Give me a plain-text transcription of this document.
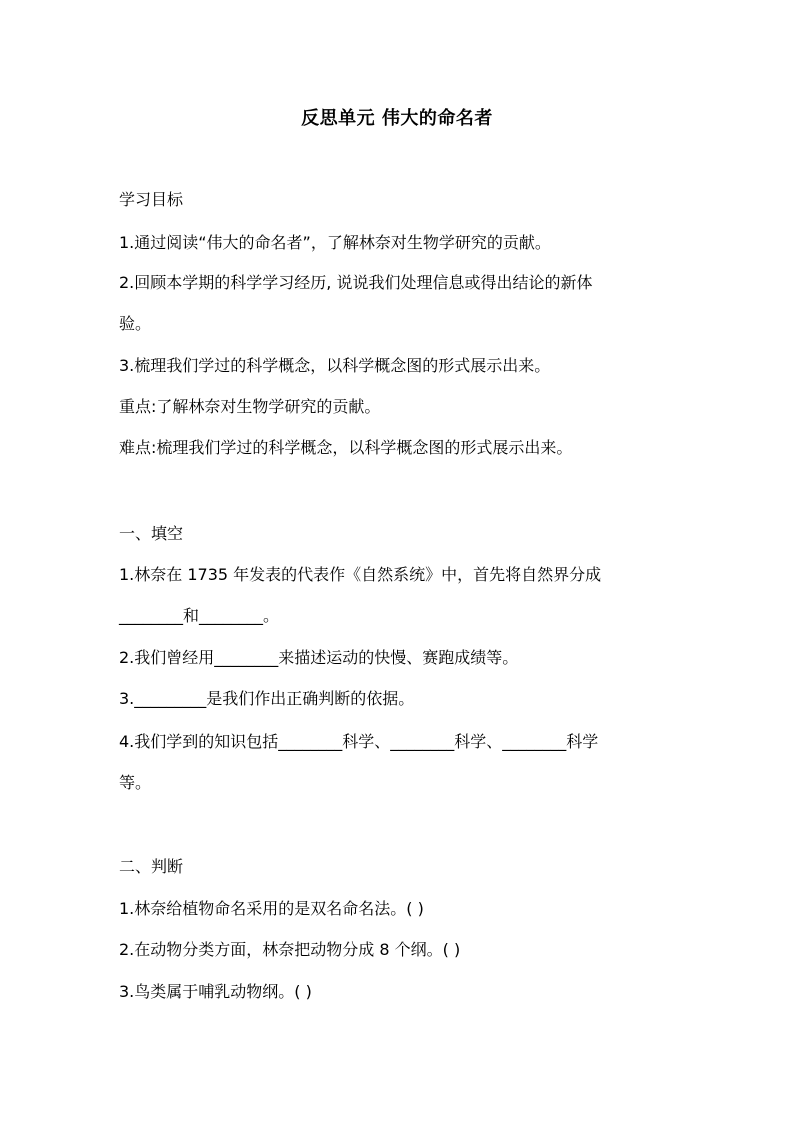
反思单元 伟大的命名者
学习目标
1.通过阅读“伟大的命名者”，了解林奈对生物学研究的贡献。
2.回顾本学期的科学学习经历, 说说我们处理信息或得出结论的新体
验。
3.梳理我们学过的科学概念，以科学概念图的形式展示出来。
重点:了解林奈对生物学研究的贡献。
难点:梳理我们学过的科学概念，以科学概念图的形式展示出来。
一、填空
1.林奈在 1735 年发表的代表作《自然系统》中，首先将自然界分成
________和________。
2.我们曾经用________来描述运动的快慢、赛跑成绩等。
3._________是我们作出正确判断的依据。
4.我们学到的知识包括________科学、________科学、________科学
等。
二、判断
1.林奈给植物命名采用的是双名命名法。( )
2.在动物分类方面，林奈把动物分成 8 个纲。( )
3.鸟类属于哺乳动物纲。( )
